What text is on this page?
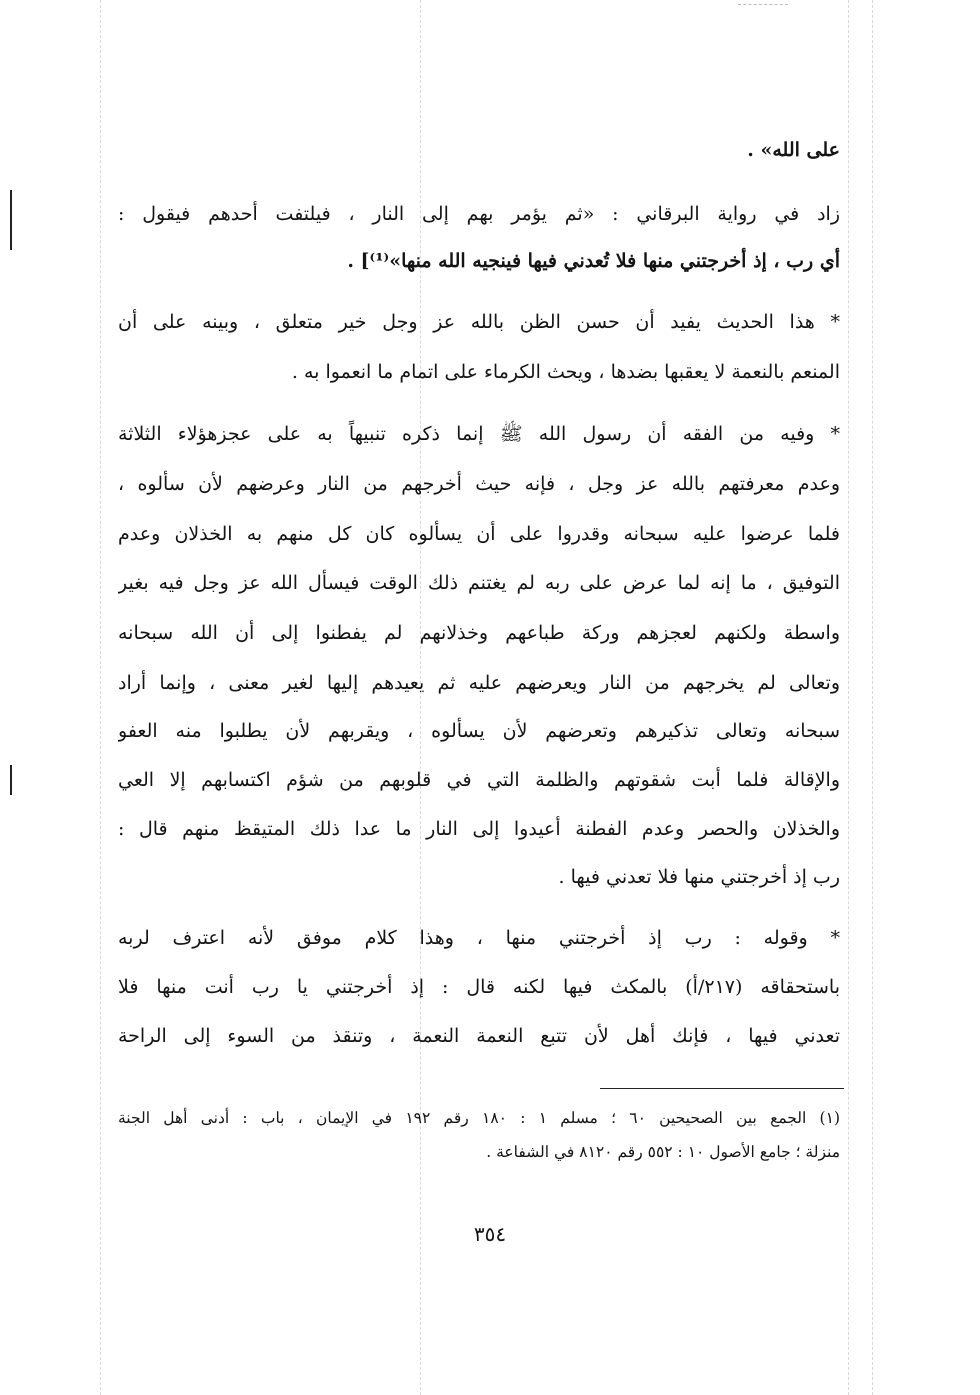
على الله» .
زاد في رواية البرقاني : «ثم يؤمر بهم إلى النار ، فيلتفت أحدهم فيقول :
أي رب ، إذ أخرجتني منها فلا تُعدني فيها فينجيه الله منها»⁽¹⁾] .
* هذا الحديث يفيد أن حسن الظن بالله عز وجل خير متعلق ، وبينه على أن
المنعم بالنعمة لا يعقبها بضدها ، ويحث الكرماء على اتمام ما انعموا به .
* وفيه من الفقه أن رسول الله ﷺ إنما ذكره تنبيهاً به على عجزهؤلاء الثلاثة
وعدم معرفتهم بالله عز وجل ، فإنه حيث أخرجهم من النار وعرضهم لأن سألوه ،
فلما عرضوا عليه سبحانه وقدروا على أن يسألوه كان كل منهم به الخذلان وعدم
التوفيق ، ما إنه لما عرض على ربه لم يغتنم ذلك الوقت فيسأل الله عز وجل فيه بغير
واسطة ولكنهم لعجزهم وركة طباعهم وخذلانهم لم يفطنوا إلى أن الله سبحانه
وتعالى لم يخرجهم من النار ويعرضهم عليه ثم يعيدهم إليها لغير معنى ، وإنما أراد
سبحانه وتعالى تذكيرهم وتعرضهم لأن يسألوه ، ويقربهم لأن يطلبوا منه العفو
والإقالة فلما أبت شقوتهم والظلمة التي في قلوبهم من شؤم اكتسابهم إلا العي
والخذلان والحصر وعدم الفطنة أعيدوا إلى النار ما عدا ذلك المتيقظ منهم قال :
رب إذ أخرجتني منها فلا تعدني فيها .
* وقوله : رب إذ أخرجتني منها ، وهذا كلام موفق لأنه اعترف لربه
باستحقاقه (٢١٧/أ) بالمكث فيها لكنه قال : إذ أخرجتني يا رب أنت منها فلا
تعدني فيها ، فإنك أهل لأن تتبع النعمة النعمة ، وتنقذ من السوء إلى الراحة
(١) الجمع بين الصحيحين ٦٠ ؛ مسلم ١ : ١٨٠ رقم ١٩٢ في الإيمان ، باب : أدنى أهل الجنة
منزلة ؛ جامع الأصول ١٠ : ٥٥٢ رقم ٨١٢٠ في الشفاعة .
٣٥٤
